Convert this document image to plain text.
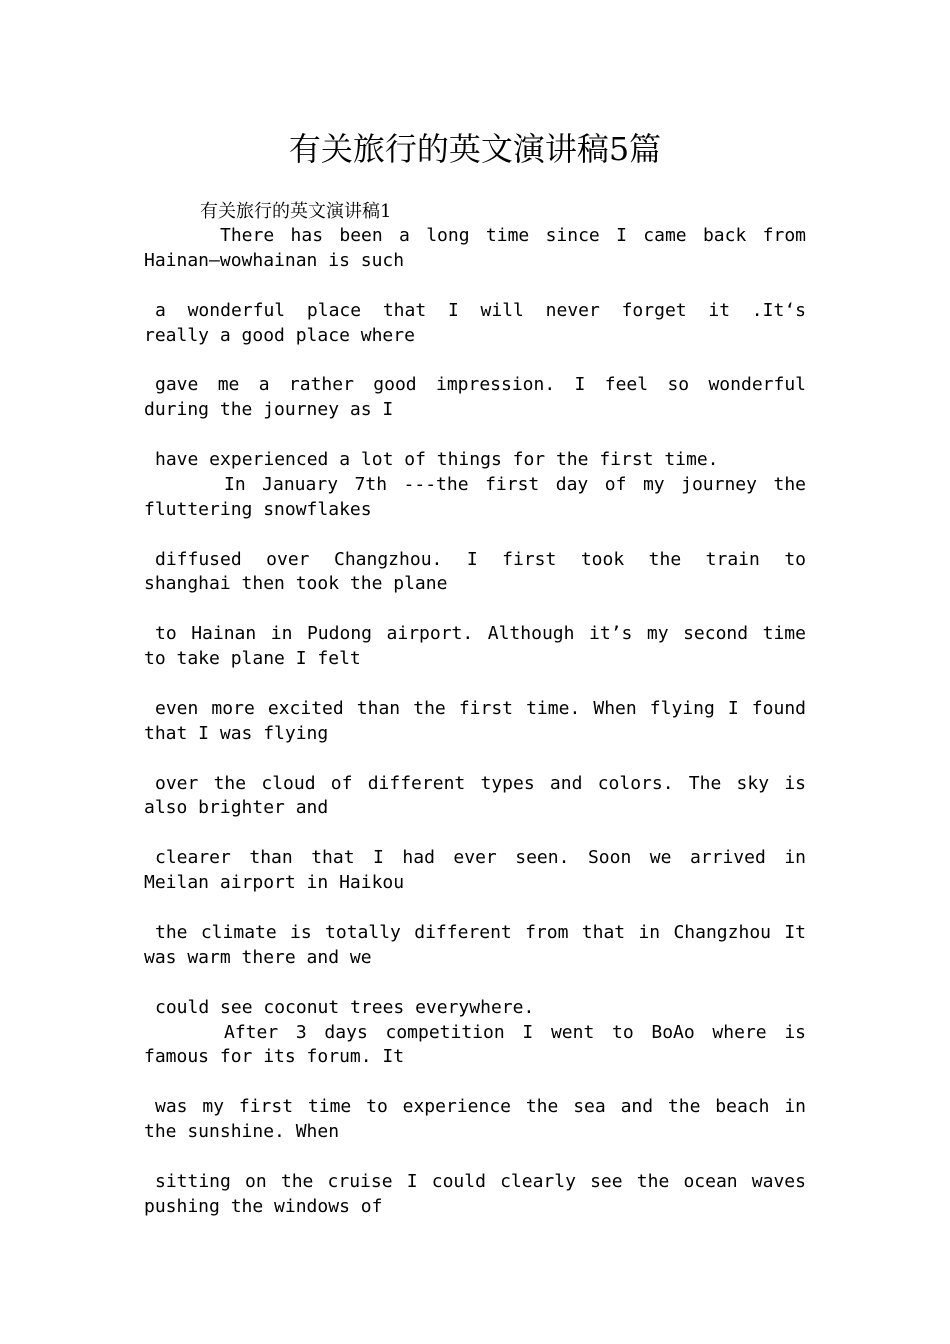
有关旅行的英文演讲稿5篇
有关旅行的英文演讲稿1
There has been a long time since I came back from
Hainan—wowhainan is such
a wonderful place that I will never forget it .It‘s
really a good place where
gave me a rather good impression. I feel so wonderful
during the journey as I
have experienced a lot of things for the first time.
In January 7th ---the first day of my journey the
fluttering snowflakes
diffused over Changzhou. I first took the train to
shanghai then took the plane
to Hainan in Pudong airport. Although it’s my second time
to take plane I felt
even more excited than the first time. When flying I found
that I was flying
over the cloud of different types and colors. The sky is
also brighter and
clearer than that I had ever seen. Soon we arrived in
Meilan airport in Haikou
the climate is totally different from that in Changzhou It
was warm there and we
could see coconut trees everywhere.
After 3 days competition I went to BoAo where is
famous for its forum. It
was my first time to experience the sea and the beach in
the sunshine. When
sitting on the cruise I could clearly see the ocean waves
pushing the windows of
